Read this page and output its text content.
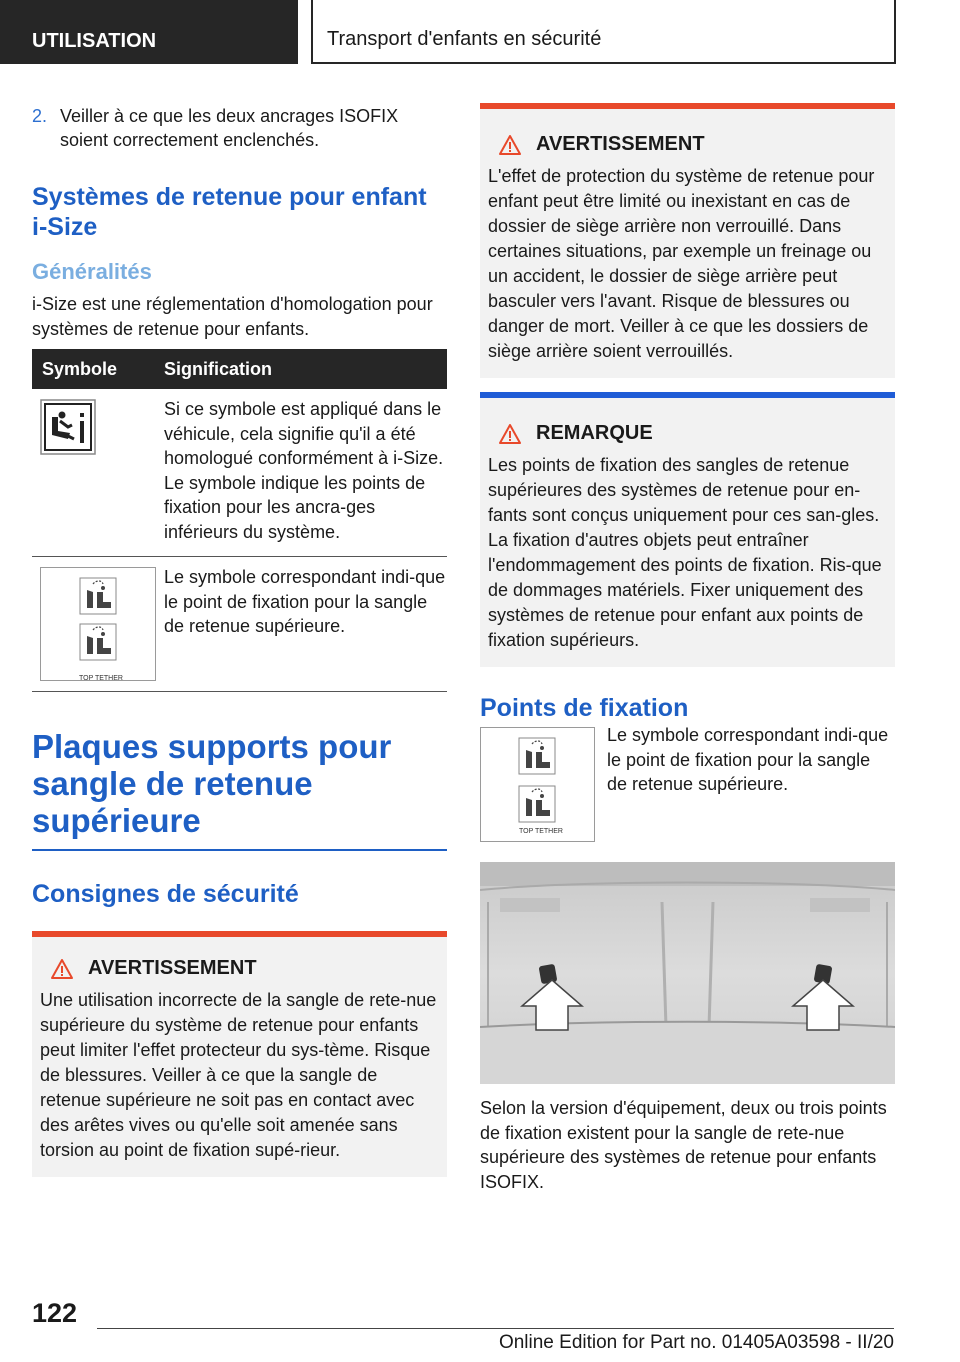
UTILISATION	Transport d'enfants en sécurité
2. Veiller à ce que les deux ancrages ISOFIX soient correctement enclenchés.
Systèmes de retenue pour enfant i-Size
Généralités

i-Size est une réglementation d'homologation pour systèmes de retenue pour enfants.

Symbole	Signification
	Si ce symbole est appliqué dans le véhicule, cela signifie qu'il a été homologué conformément à i-Size. Le symbole indique les points de fixation pour les ancra-ges inférieurs du système.

TOP TETHER	Le symbole correspondant indi-que le point de fixation pour la sangle de retenue supérieure.
Plaques supports pour sangle de retenue supérieure
Consignes de sécurité
AVERTISSEMENT

Une utilisation incorrecte de la sangle de rete-nue supérieure du système de retenue pour enfants peut limiter l'effet protecteur du sys-tème. Risque de blessures. Veiller à ce que la sangle de retenue supérieure ne soit pas en contact avec des arêtes vives ou qu'elle soit amenée sans torsion au point de fixation supé-rieur.

AVERTISSEMENT

L'effet de protection du système de retenue pour enfant peut être limité ou inexistant en cas de dossier de siège arrière non verrouillé. Dans certaines situations, par exemple un freinage ou un accident, le dossier de siège arrière peut basculer vers l'avant. Risque de blessures ou danger de mort. Veiller à ce que les dossiers de siège arrière soient verrouillés.

REMARQUE

Les points de fixation des sangles de retenue supérieures des systèmes de retenue pour en-fants sont conçus uniquement pour ces san-gles. La fixation d'autres objets peut entraîner l'endommagement des points de fixation. Ris-que de dommages matériels. Fixer uniquement des systèmes de retenue pour enfant aux points de fixation supérieurs.

Points de fixation
TOP TETHER

Le symbole correspondant indi-que le point de fixation pour la sangle de retenue supérieure.

Selon la version d'équipement, deux ou trois points de fixation existent pour la sangle de rete-nue supérieure des systèmes de retenue pour enfants ISOFIX.

122
Online Edition for Part no. 01405A03598 - II/20
